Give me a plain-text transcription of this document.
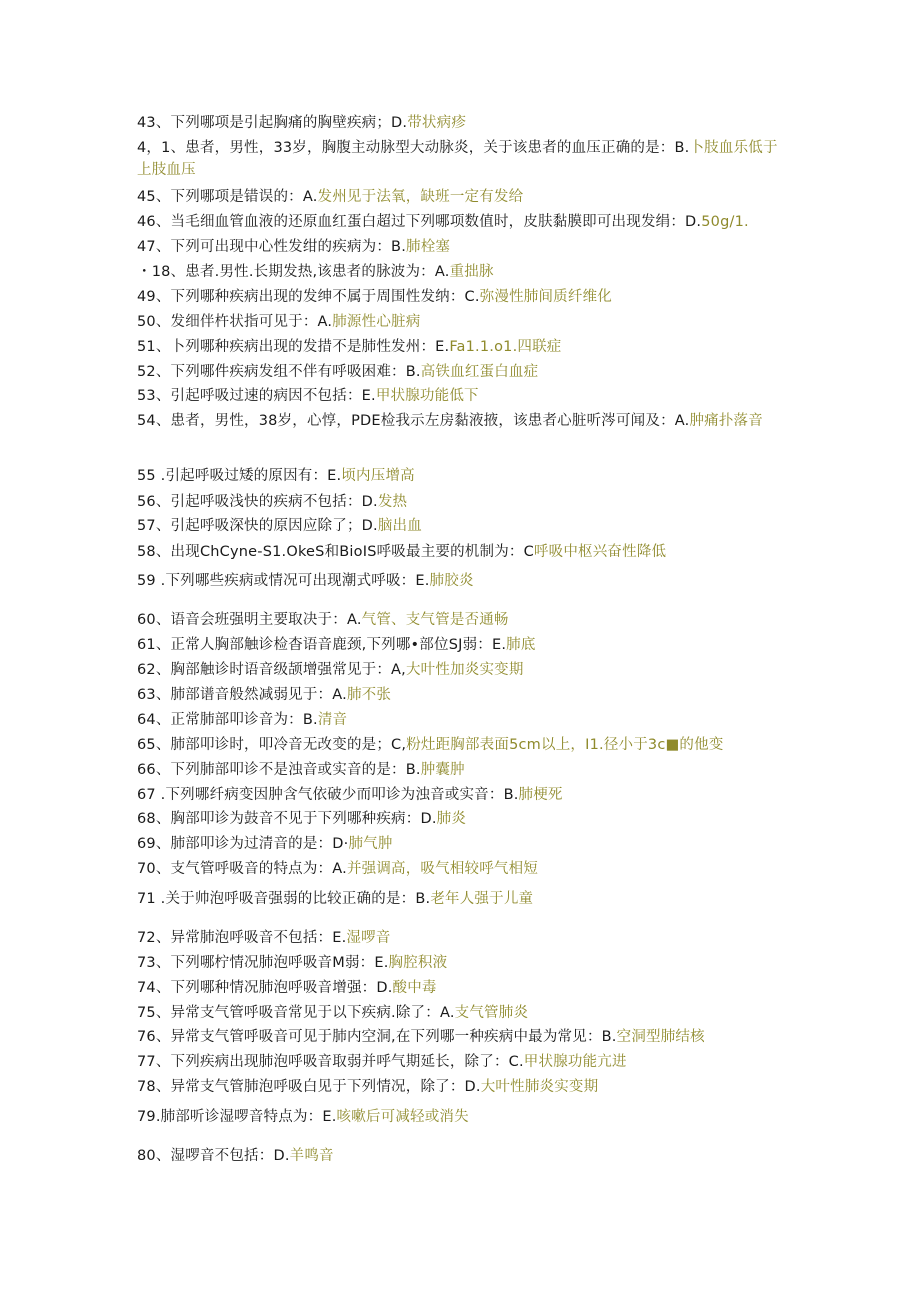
43、下列哪项是引起胸痛的胸壁疾病；D.带状病疹
4，1、患者，男性，33岁，胸腹主动脉型大动脉炎，关于该患者的血压正确的是：B.卜肢血乐低于上肢血压
45、下列哪项是错误的：A.发州见于法氧，缺班一定有发给
46、当毛细血管血液的还原血红蛋白超过下列哪项数值时，皮肤黏膜即可出现发绢：D.50g∕1.
47、下列可出现中心性发绀的疾病为：B.肺栓塞
・18、患者.男性.长期发热,该患者的脉波为：A.重拙脉
49、下列哪种疾病出现的发绅不属于周围性发纳：C.弥漫性肺间质纤维化
50、发细伴杵状指可见于：A.肺源性心脏病
51、卜列哪种疾病出现的发措不是肺性发州：E.Fa1.1.o1.四联症
52、下列哪件疾病发组不伴有呼吸困难：B.高铁血红蛋白血症
53、引起呼吸过速的病因不包括：E.甲状腺功能低下
54、患者，男性，38岁，心惇，PDE检我示左房黏液掖，该患者心脏听涔可闻及：A.肿痛扑落音
55 .引起呼吸过矮的原因有：E.顷内压增高
56、引起呼吸浅快的疾病不包括：D.发热
57、引起呼吸深快的原因应除了；D.脑出血
58、出现ChCyne-S1.OkeS和BioIS呼吸最主要的机制为：C呼吸中枢兴奋性降低
59 .下列哪些疾病或情况可出现潮式呼吸：E.肺胶炎
60、语音会班强明主要取决于：A.气管、支气管是否通畅
61、正常人胸部触诊检杳语音鹿颈,下列哪•部位SJ弱：E.肺底
62、胸部触诊时语音级颉增强常见于：A,大叶性加炎实变期
63、肺部谱音般然减弱见于：A.肺不张
64、正常肺部叩诊音为：B.清音
65、肺部叩诊时，叩冷音无改变的是；C,粉灶距胸部表面5cm以上，I1.径小于3c■的他变
66、下列肺部叩诊不是浊音或实音的是：B.肿囊肿
67 .下列哪纤病变因肿含气依破少而叩诊为浊音或实音：B.肺梗死
68、胸部叩诊为鼓音不见于下列哪种疾病：D.肺炎
69、肺部叩诊为过清音的是：D·肺气肿
70、支气管呼吸音的特点为：A.并强调高，吸气相较呼气相短
71 .关于帅泡呼吸音强弱的比较正确的是：B.老年人强于儿童
72、异常肺泡呼吸音不包括：E.湿啰音
73、下列哪柠情况肺泡呼吸音M弱：E.胸腔积液
74、下列哪种情况肺泡呼吸音增强：D.酸中毒
75、异常支气管呼吸音常见于以下疾病.除了：A.支气管肺炎
76、异常支气管呼吸音可见于肺内空洞,在下列哪一种疾病中最为常见：B.空洞型肺结核
77、下列疾病出现肺泡呼吸音取弱并呼气期延长，除了：C.甲状腺功能亢进
78、异常支气管肺泡呼吸白见于下列情况，除了：D.大叶性肺炎实变期
79.肺部听诊湿啰音特点为：E.咳嗽后可减轻或消失
80、湿啰音不包括：D.羊鸣音
